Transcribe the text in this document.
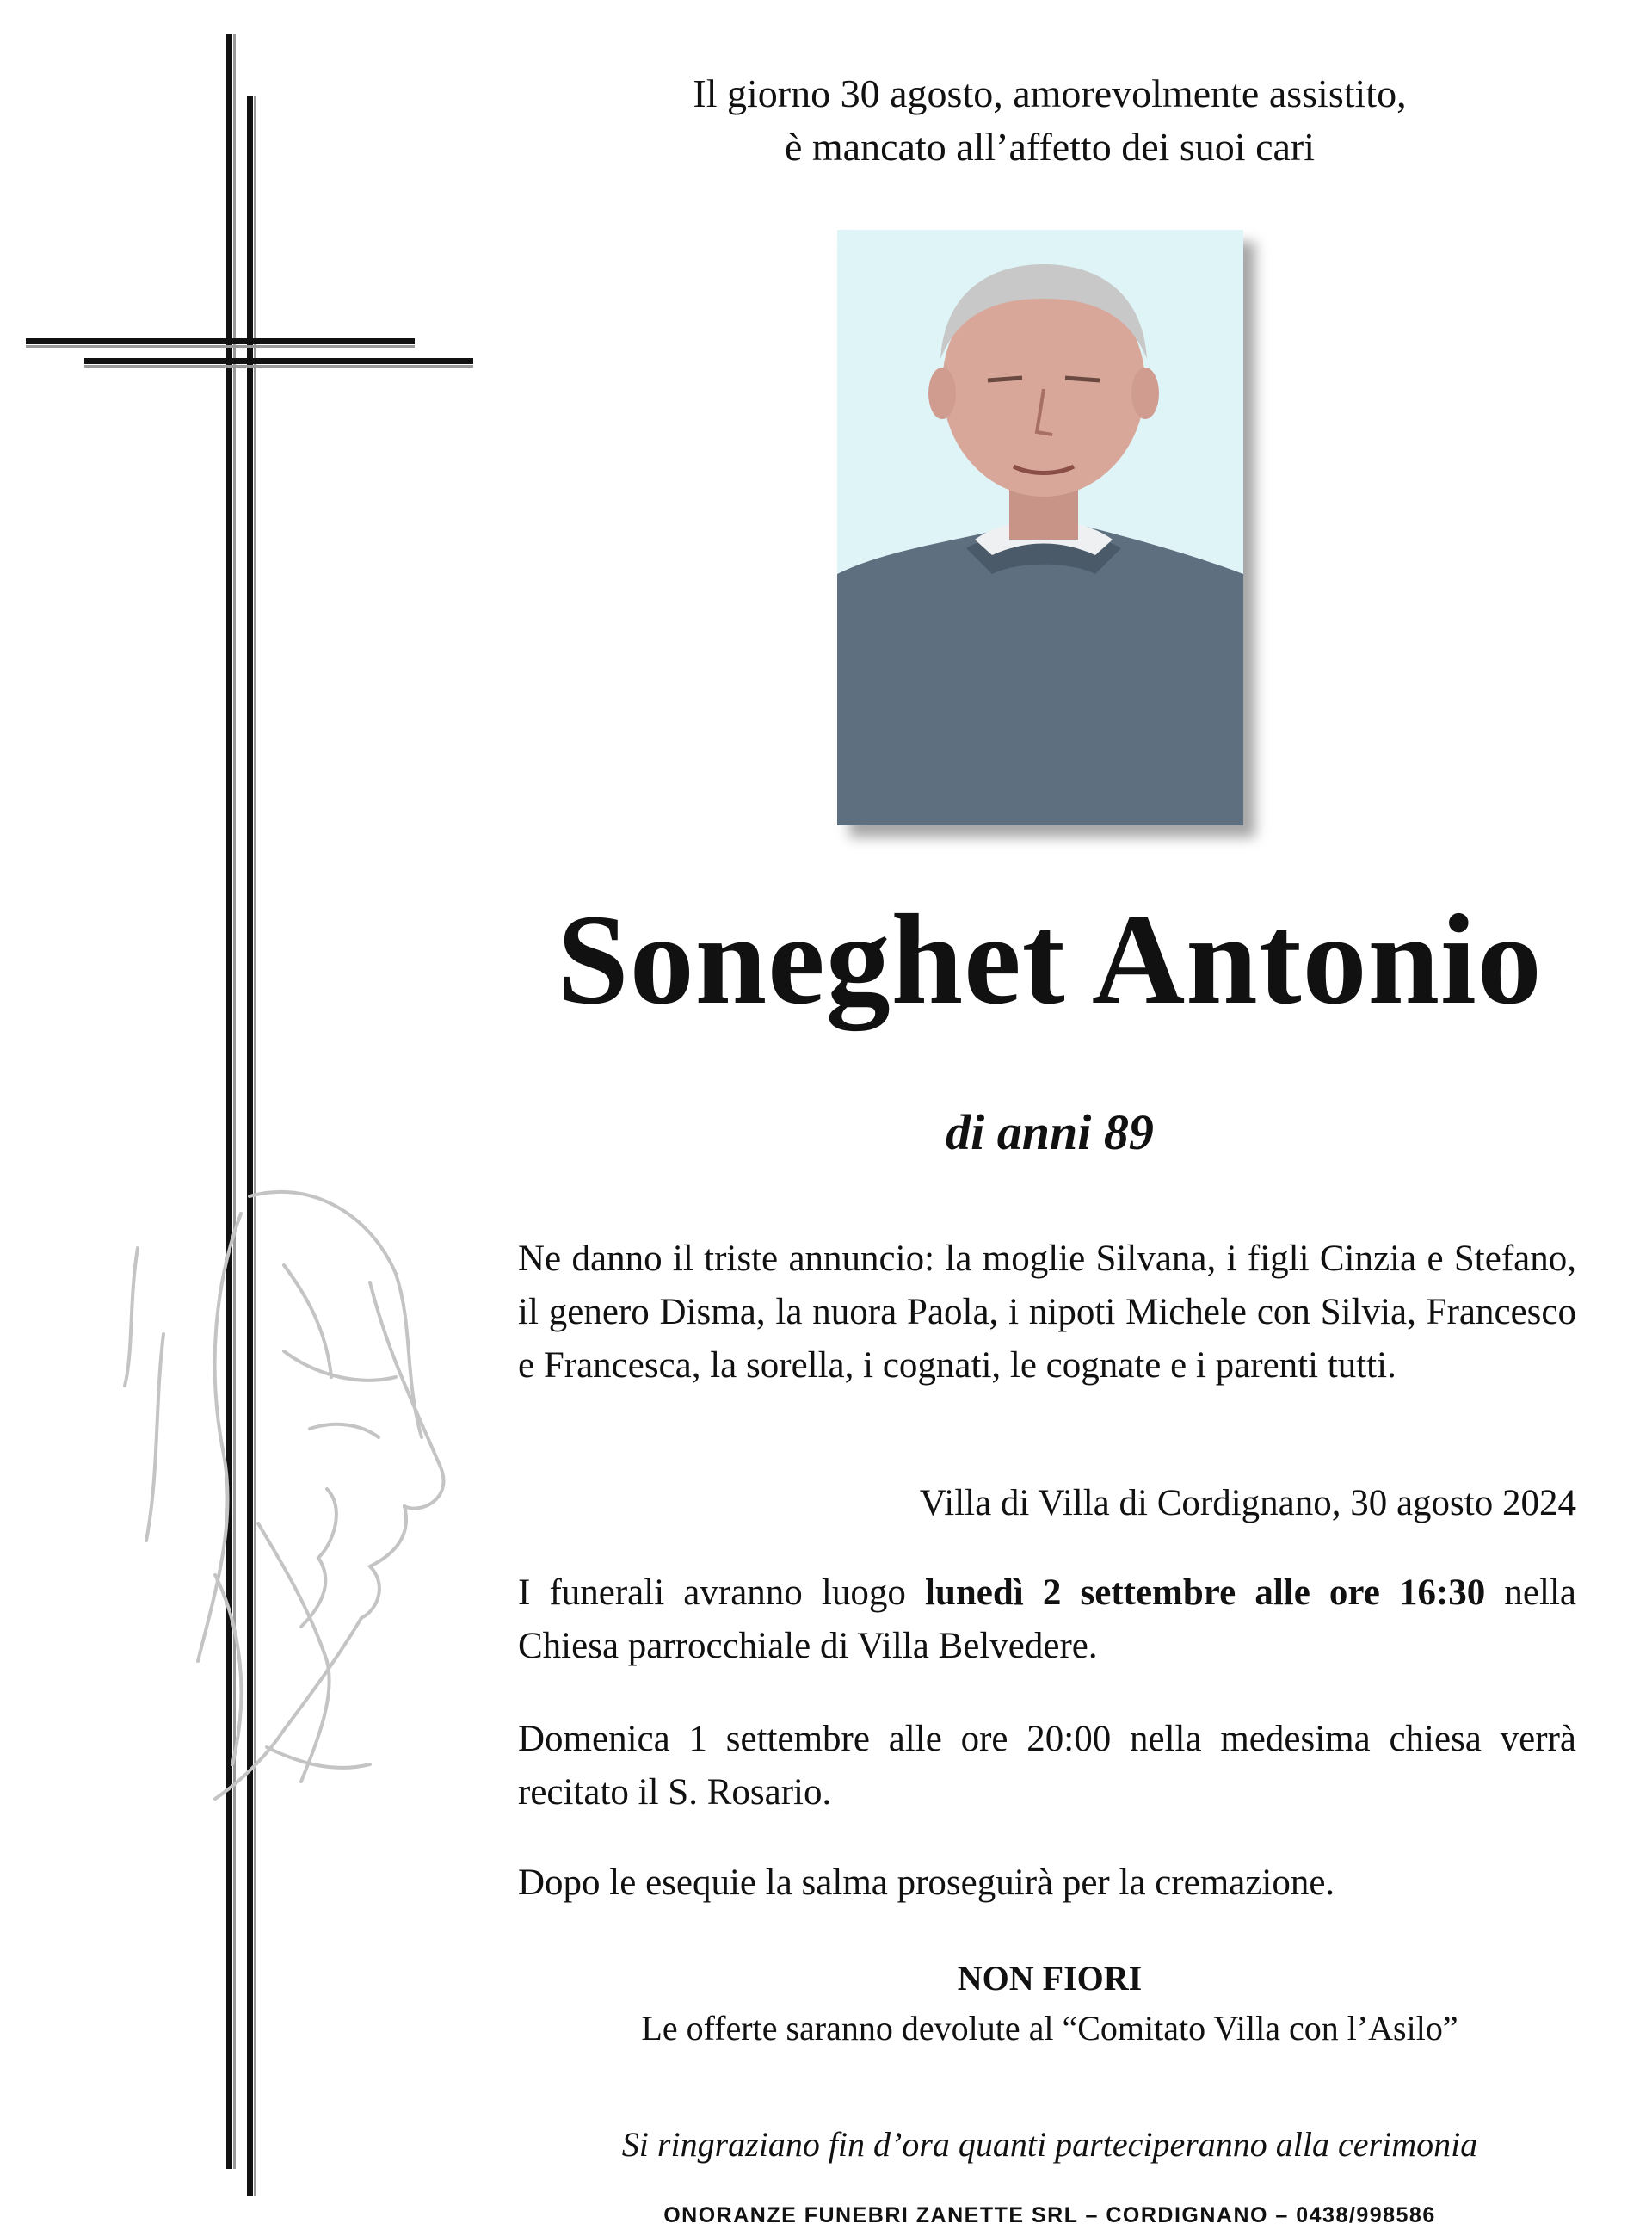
Il giorno 30 agosto, amorevolmente assistito,
è mancato all’affetto dei suoi cari
Soneghet Antonio
di anni 89
Ne danno il triste annuncio: la moglie Silvana, i figli Cinzia e Stefano, il genero Disma, la nuora Paola, i nipoti Michele con Silvia, Francesco e Francesca, la sorella, i cognati, le cognate e i parenti tutti.
Villa di Villa di Cordignano, 30 agosto 2024
I funerali avranno luogo lunedì 2 settembre alle ore 16:30 nella Chiesa parrocchiale di Villa Belvedere.
Domenica 1 settembre alle ore 20:00 nella medesima chiesa verrà recitato il S. Rosario.
Dopo le esequie la salma proseguirà per la cremazione.
NON FIORI
Le offerte saranno devolute al “Comitato Villa con l’Asilo”
Si ringraziano fin d’ora quanti parteciperanno alla cerimonia
ONORANZE FUNEBRI ZANETTE SRL – CORDIGNANO – 0438/998586
